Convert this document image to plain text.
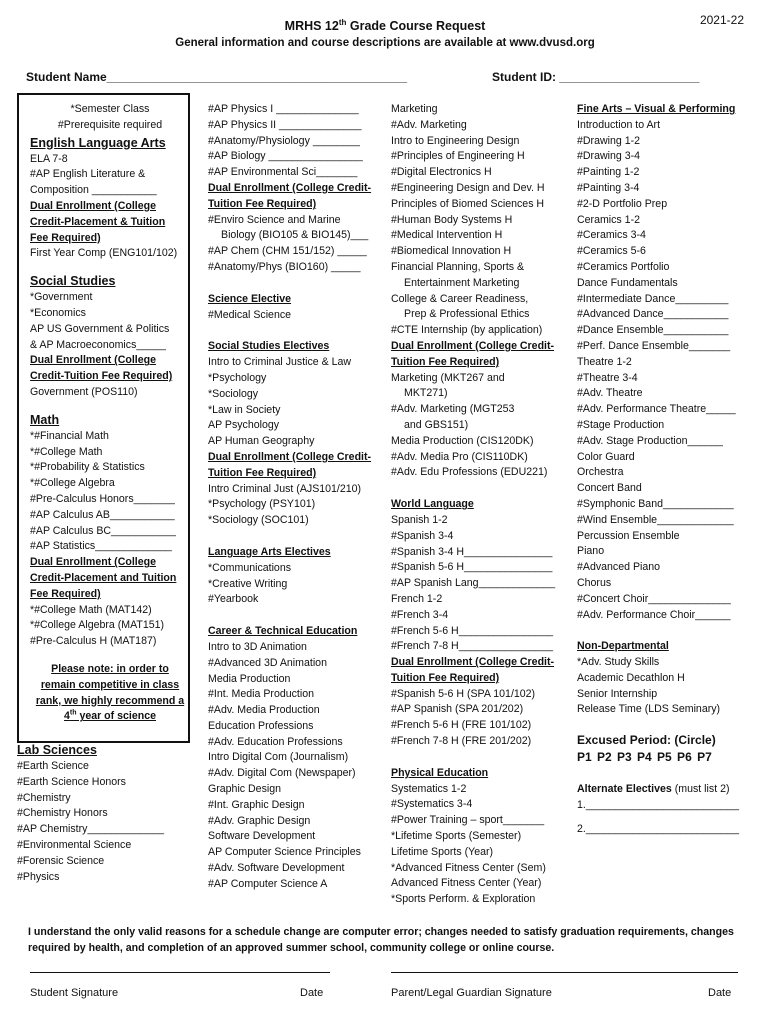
MRHS 12th Grade Course Request
General information and course descriptions are available at www.dvusd.org
2021-22
Student Name_____________________________________________	Student ID: _____________________
*Semester Class
#Prerequisite required
English Language Arts
ELA 7-8
#AP English Literature &
Composition ___________
Dual Enrollment (College
Credit-Placement & Tuition
Fee Required)
First Year Comp (ENG101/102)
Social Studies
*Government
*Economics
AP US Government & Politics
& AP Macroeconomics_____
Dual Enrollment (College
Credit-Tuition Fee Required)
Government (POS110)
Math
*#Financial Math
*#College Math
*#Probability & Statistics
*#College Algebra
#Pre-Calculus Honors_______
#AP Calculus AB___________
#AP Calculus BC___________
#AP Statistics_____________
Dual Enrollment (College
Credit-Placement and Tuition
Fee Required)
*#College Math (MAT142)
*#College Algebra (MAT151)
#Pre-Calculus H (MAT187)
Please note: in order to
remain competitive in class
rank, we highly recommend a
4th year of science
Lab Sciences
#Earth Science
#Earth Science Honors
#Chemistry
#Chemistry Honors
#AP Chemistry_____________
#Environmental Science
#Forensic Science
#Physics
#AP Physics I ______________
#AP Physics II ______________
#Anatomy/Physiology ________
#AP Biology ________________
#AP Environmental Sci_______
Dual Enrollment (College Credit-
Tuition Fee Required)
#Enviro Science and Marine
Biology (BIO105 & BIO145)___
#AP Chem (CHM 151/152) _____
#Anatomy/Phys (BIO160) _____
Science Elective
#Medical Science
Social Studies Electives
Intro to Criminal Justice & Law
*Psychology
*Sociology
*Law in Society
AP Psychology
AP Human Geography
Dual Enrollment (College Credit-
Tuition Fee Required)
Intro Criminal Just (AJS101/210)
*Psychology (PSY101)
*Sociology (SOC101)
Language Arts Electives
*Communications
*Creative Writing
#Yearbook
Career & Technical Education
Intro to 3D Animation
#Advanced 3D Animation
Media Production
#Int. Media Production
#Adv. Media Production
Education Professions
#Adv. Education Professions
Intro Digital Com (Journalism)
#Adv. Digital Com (Newspaper)
Graphic Design
#Int. Graphic Design
#Adv. Graphic Design
Software Development
AP Computer Science Principles
#Adv. Software Development
#AP Computer Science A
Marketing
#Adv. Marketing
Intro to Engineering Design
#Principles of Engineering H
#Digital Electronics H
#Engineering Design and Dev. H
Principles of Biomed Sciences H
#Human Body Systems H
#Medical Intervention H
#Biomedical Innovation H
Financial Planning, Sports &
Entertainment Marketing
College & Career Readiness,
Prep & Professional Ethics
#CTE Internship (by application)
Dual Enrollment (College Credit-
Tuition Fee Required)
Marketing (MKT267 and
MKT271)
#Adv. Marketing (MGT253
and GBS151)
Media Production (CIS120DK)
#Adv. Media Pro (CIS110DK)
#Adv. Edu Professions (EDU221)
World Language
Spanish 1-2
#Spanish 3-4
#Spanish 3-4 H_______________
#Spanish 5-6 H_______________
#AP Spanish Lang_____________
French 1-2
#French 3-4
#French 5-6 H________________
#French 7-8 H________________
Dual Enrollment (College Credit-
Tuition Fee Required)
#Spanish 5-6 H (SPA 101/102)
#AP Spanish (SPA 201/202)
#French 5-6 H (FRE 101/102)
#French 7-8 H (FRE 201/202)
Physical Education
Systematics 1-2
#Systematics 3-4
#Power Training – sport_______
*Lifetime Sports (Semester)
Lifetime Sports (Year)
*Advanced Fitness Center (Sem)
Advanced Fitness Center (Year)
*Sports Perform. & Exploration
Fine Arts – Visual & Performing
Introduction to Art
#Drawing 1-2
#Drawing 3-4
#Painting 1-2
#Painting 3-4
#2-D Portfolio Prep
Ceramics 1-2
#Ceramics 3-4
#Ceramics 5-6
#Ceramics Portfolio
Dance Fundamentals
#Intermediate Dance_________
#Advanced Dance___________
#Dance Ensemble___________
#Perf. Dance Ensemble_______
Theatre 1-2
#Theatre 3-4
#Adv. Theatre
#Adv. Performance Theatre_____
#Stage Production
#Adv. Stage Production______
Color Guard
Orchestra
Concert Band
#Symphonic Band____________
#Wind Ensemble_____________
Percussion Ensemble
Piano
#Advanced Piano
Chorus
#Concert Choir______________
#Adv. Performance Choir______
Non-Departmental
*Adv. Study Skills
Academic Decathlon H
Senior Internship
Release Time (LDS Seminary)
Excused Period: (Circle)
P1 P2 P3 P4 P5 P6 P7
Alternate Electives (must list 2)
1.__________________________
2.__________________________
I understand the only valid reasons for a schedule change are computer error; changes needed to satisfy graduation requirements, changes required by health, and completion of an approved summer school, community college or online course.
Student Signature	Date	Parent/Legal Guardian Signature	Date
